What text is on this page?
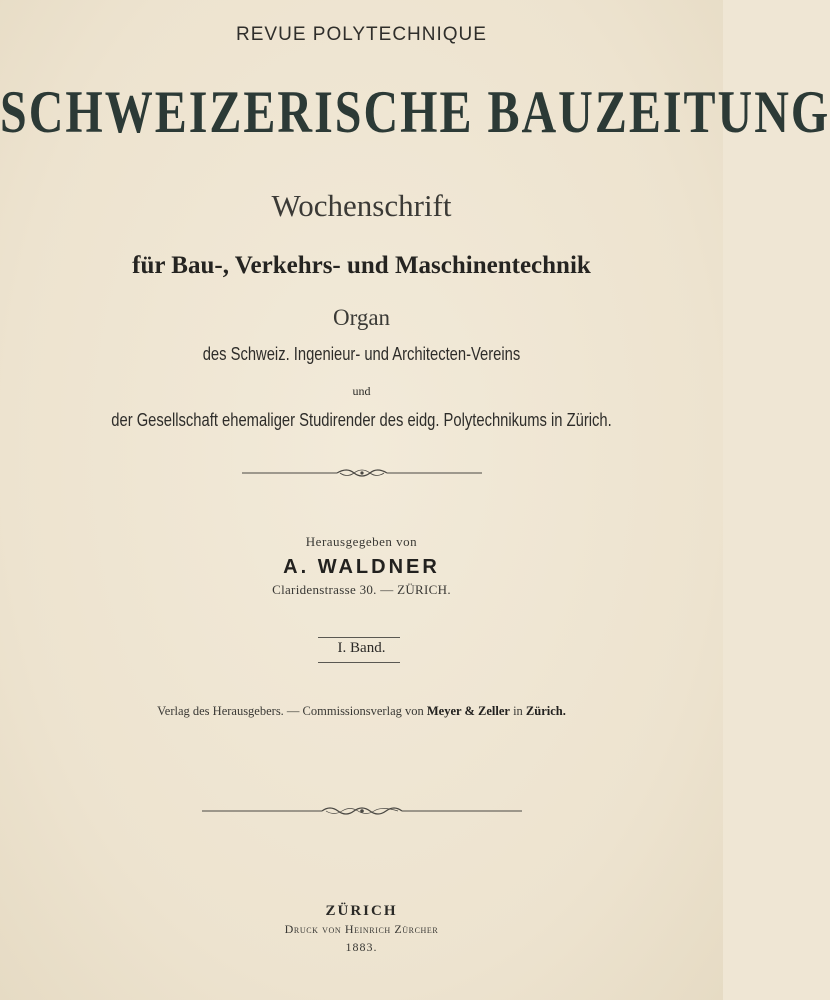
REVUE POLYTECHNIQUE
SCHWEIZERISCHE BAUZEITUNG
Wochenschrift
für Bau-, Verkehrs- und Maschinentechnik
Organ
des Schweiz. Ingenieur- und Architecten-Vereins
und
der Gesellschaft ehemaliger Studirender des eidg. Polytechnikums in Zürich.
Herausgegeben von
A. WALDNER
Claridenstrasse 30. — ZÜRICH.
I. Band.
Verlag des Herausgebers. — Commissionsverlag von Meyer & Zeller in Zürich.
ZÜRICH
Druck von Heinrich Zürcher
1883.
